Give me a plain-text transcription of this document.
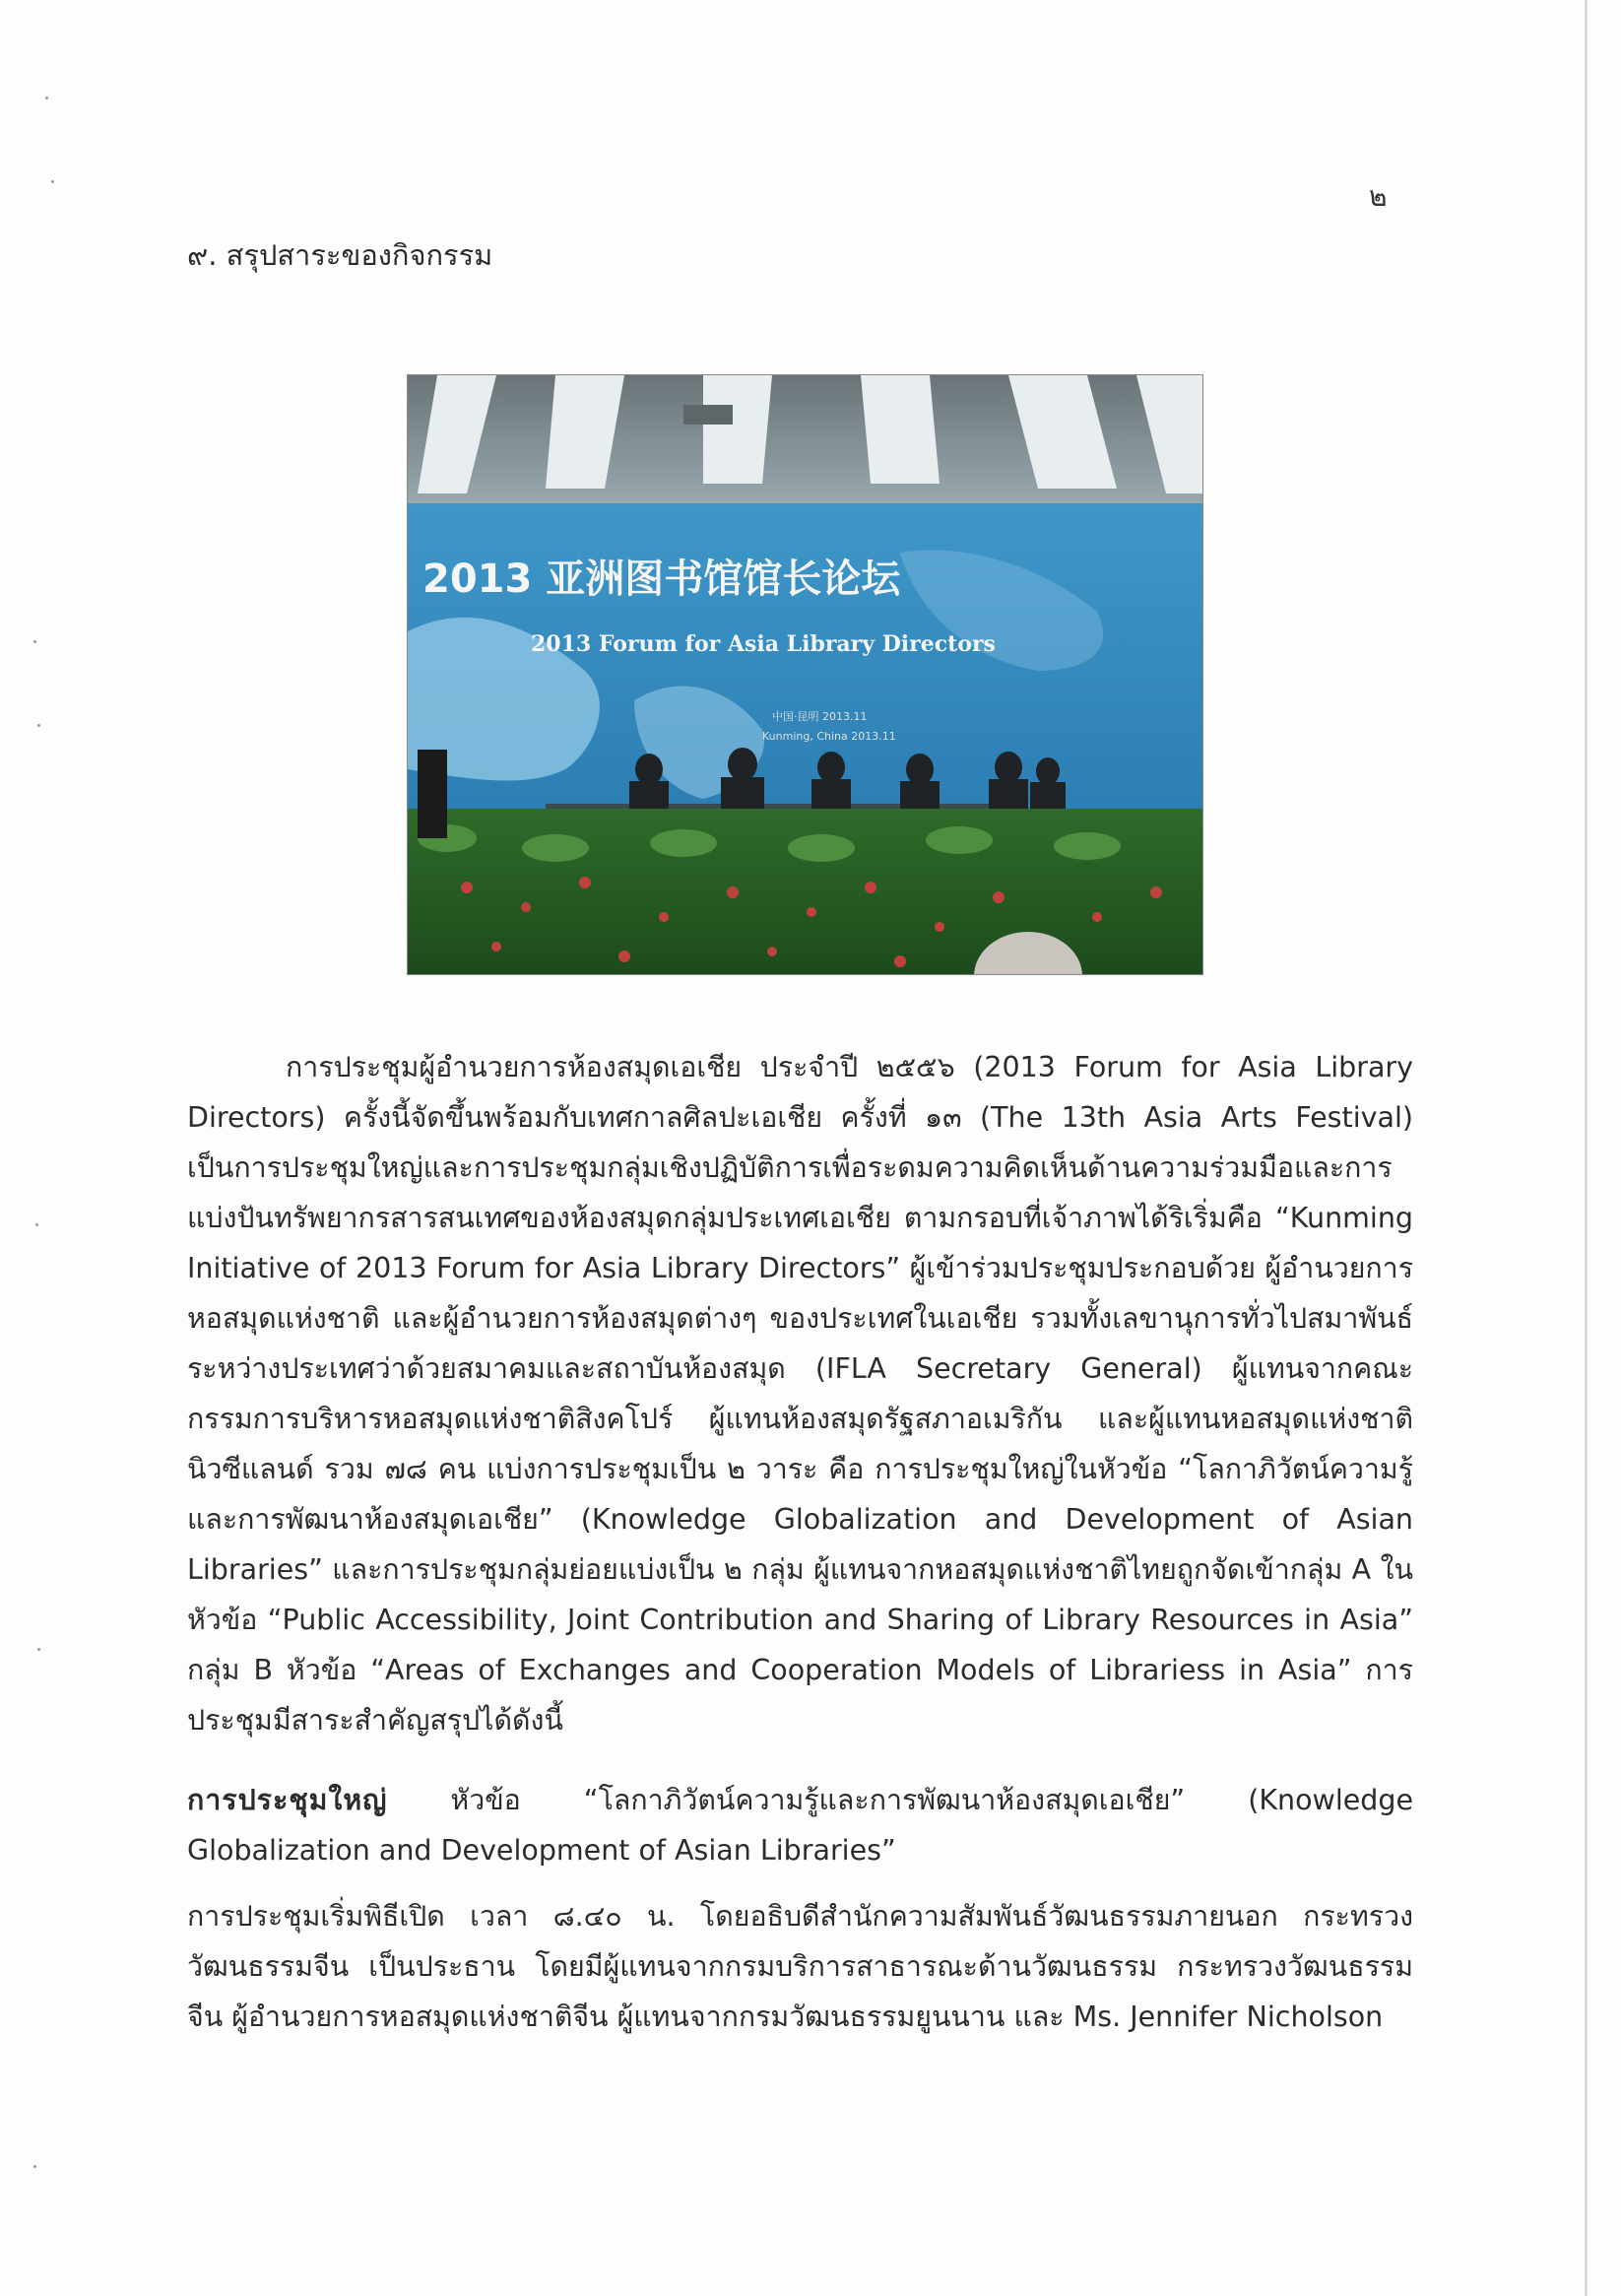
๒
๙. สรุปสาระของกิจกรรม
2013 亚洲图书馆馆长论坛
2013 Forum for Asia Library Directors
中国·昆明 2013.11
Kunming, China 2013.11
การประชุมผู้อำนวยการห้องสมุดเอเชีย ประจำปี ๒๕๕๖ (2013 Forum for Asia Library Directors) ครั้งนี้จัดขึ้นพร้อมกับเทศกาลศิลปะเอเชีย ครั้งที่ ๑๓ (The 13th Asia Arts Festival) เป็นการประชุมใหญ่และการประชุมกลุ่มเชิงปฏิบัติการเพื่อระดมความคิดเห็นด้านความร่วมมือและการแบ่งปันทรัพยากรสารสนเทศของห้องสมุดกลุ่มประเทศเอเชีย ตามกรอบที่เจ้าภาพได้ริเริ่มคือ “Kunming Initiative of 2013 Forum for Asia Library Directors” ผู้เข้าร่วมประชุมประกอบด้วย ผู้อำนวยการหอสมุดแห่งชาติ และผู้อำนวยการห้องสมุดต่างๆ ของประเทศในเอเชีย รวมทั้งเลขานุการทั่วไปสมาพันธ์ระหว่างประเทศว่าด้วยสมาคมและสถาบันห้องสมุด (IFLA Secretary General) ผู้แทนจากคณะกรรมการบริหารหอสมุดแห่งชาติสิงคโปร์ ผู้แทนห้องสมุดรัฐสภาอเมริกัน และผู้แทนหอสมุดแห่งชาตินิวซีแลนด์ รวม ๗๘ คน แบ่งการประชุมเป็น ๒ วาระ คือ การประชุมใหญ่ในหัวข้อ “โลกาภิวัตน์ความรู้และการพัฒนาห้องสมุดเอเชีย” (Knowledge Globalization and Development of Asian Libraries” และการประชุมกลุ่มย่อยแบ่งเป็น ๒ กลุ่ม ผู้แทนจากหอสมุดแห่งชาติไทยถูกจัดเข้ากลุ่ม A ในหัวข้อ “Public Accessibility, Joint Contribution and Sharing of Library Resources in Asia” กลุ่ม B หัวข้อ “Areas of Exchanges and Cooperation Models of Librariess in Asia” การประชุมมีสาระสำคัญสรุปได้ดังนี้
การประชุมใหญ่ หัวข้อ “โลกาภิวัตน์ความรู้และการพัฒนาห้องสมุดเอเชีย” (Knowledge Globalization and Development of Asian Libraries”
การประชุมเริ่มพิธีเปิด เวลา ๘.๔๐ น. โดยอธิบดีสำนักความสัมพันธ์วัฒนธรรมภายนอก กระทรวงวัฒนธรรมจีน เป็นประธาน โดยมีผู้แทนจากกรมบริการสาธารณะด้านวัฒนธรรม กระทรวงวัฒนธรรมจีน ผู้อำนวยการหอสมุดแห่งชาติจีน ผู้แทนจากกรมวัฒนธรรมยูนนาน และ Ms. Jennifer Nicholson
